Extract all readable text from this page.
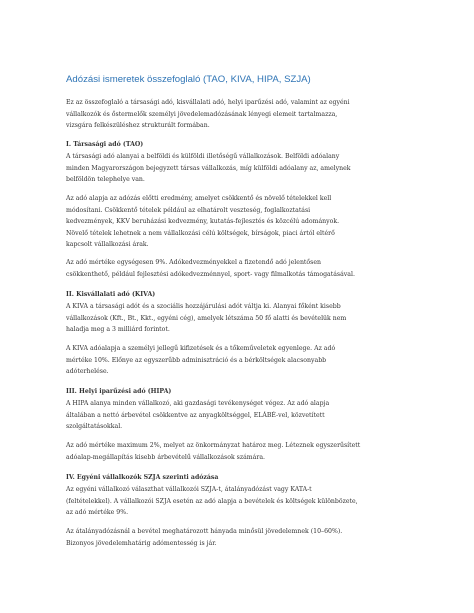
Adózási ismeretek összefoglaló (TAO, KIVA, HIPA, SZJA)

Ez az összefoglaló a társasági adó, kisvállalati adó, helyi iparűzési adó, valamint az egyéni
vállalkozók és őstermelők személyi jövedelemadózásának lényegi elemeit tartalmazza,
vizsgára felkészüléshez strukturált formában.

I. Társasági adó (TAO)

A társasági adó alanyai a belföldi és külföldi illetőségű vállalkozások. Belföldi adóalany
minden Magyarországon bejegyzett társas vállalkozás, míg külföldi adóalany az, amelynek
belföldön telephelye van.

Az adó alapja az adózás előtti eredmény, amelyet csökkentő és növelő tételekkel kell
módosítani. Csökkentő tételek például az elhatárolt veszteség, foglalkoztatási
kedvezmények, KKV beruházási kedvezmény, kutatás-fejlesztés és közcélú adományok.
Növelő tételek lehetnek a nem vállalkozási célú költségek, bírságok, piaci ártól eltérő
kapcsolt vállalkozási árak.

Az adó mértéke egységesen 9%. Adókedvezményekkel a fizetendő adó jelentősen
csökkenthető, például fejlesztési adókedvezménnyel, sport- vagy filmalkotás támogatásával.

II. Kisvállalati adó (KIVA)

A KIVA a társasági adót és a szociális hozzájárulási adót váltja ki. Alanyai főként kisebb
vállalkozások (Kft., Bt., Kkt., egyéni cég), amelyek létszáma 50 fő alatti és bevételük nem
haladja meg a 3 milliárd forintot.

A KIVA adóalapja a személyi jellegű kifizetések és a tőkeműveletek egyenlege. Az adó
mértéke 10%. Előnye az egyszerűbb adminisztráció és a bérköltségek alacsonyabb
adóterhelése.

III. Helyi iparűzési adó (HIPA)

A HIPA alanya minden vállalkozó, aki gazdasági tevékenységet végez. Az adó alapja
általában a nettó árbevétel csökkentve az anyagköltséggel, ELÁBÉ-vel, közvetített
szolgáltatásokkal.

Az adó mértéke maximum 2%, melyet az önkormányzat határoz meg. Léteznek egyszerűsített
adóalap-megállapítás kisebb árbevételű vállalkozások számára.

IV. Egyéni vállalkozók SZJA szerinti adózása

Az egyéni vállalkozó választhat vállalkozói SZJA-t, átalányadózást vagy KATA-t
(feltételekkel). A vállalkozói SZJA esetén az adó alapja a bevételek és költségek különbözete,
az adó mértéke 9%.

Az átalányadózásnál a bevétel meghatározott hányada minősül jövedelemnek (10–60%).
Bizonyos jövedelemhatárig adómentesség is jár.
